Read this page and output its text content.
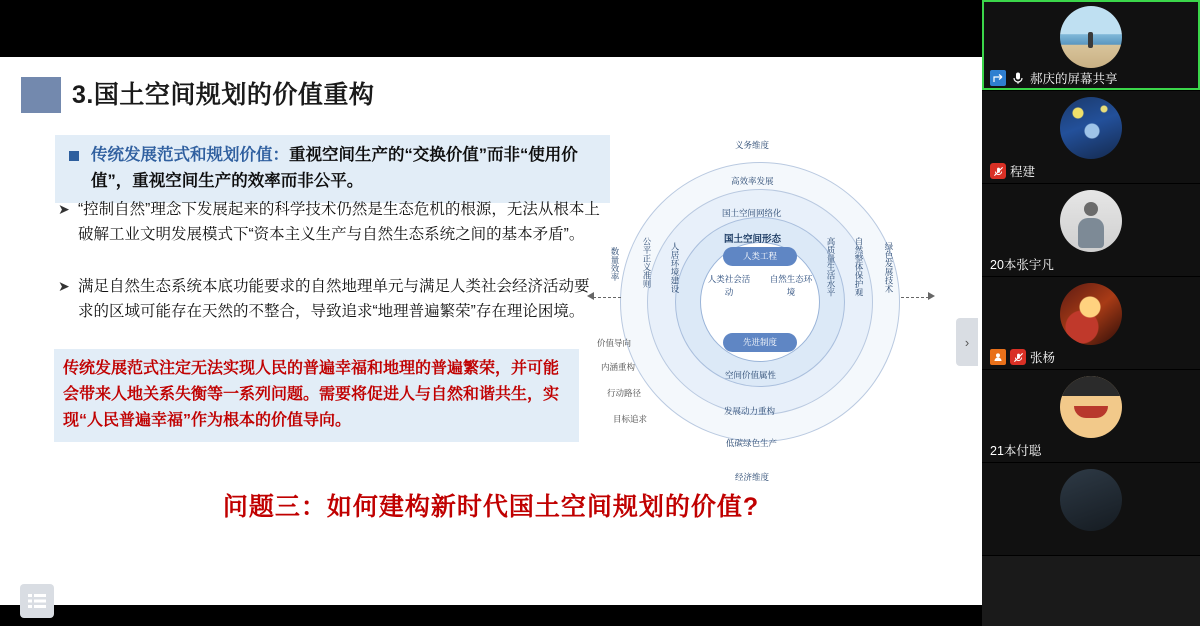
3.国土空间规划的价值重构
传统发展范式和规划价值：重视空间生产的“交换价值”而非“使用价值”，重视空间生产的效率而非公平。
➤ “控制自然”理念下发展起来的科学技术仍然是生态危机的根源，无法从根本上破解工业文明发展模式下“资本主义生产与自然生态系统之间的基本矛盾”。
➤ 满足自然生态系统本底功能要求的自然地理单元与满足人类社会经济活动要求的区域可能存在天然的不整合，导致追求“地理普遍繁荣”存在理论困境。
传统发展范式注定无法实现人民的普遍幸福和地理的普遍繁荣，并可能会带来人地关系失衡等一系列问题。需要将促进人与自然和谐共生，实现“人民普遍幸福”作为根本的价值导向。
问题三：如何建构新时代国土空间规划的价值?
义务维度
高效率发展
国土空间网络化
国土空间形态
人类工程
人类社会活动
自然生态环境
先进制度
空间价值属性
发展动力重构
低碳绿色生产
经济维度
数量效率	公平正义准则 人居环境建设	高质量生活水平 自然整体保护观 绿色发展技术
价值导向
内涵重构
行动路径
目标追求
›
郝庆的屏幕共享
程建
20本张宇凡
张杨
21本付聪
